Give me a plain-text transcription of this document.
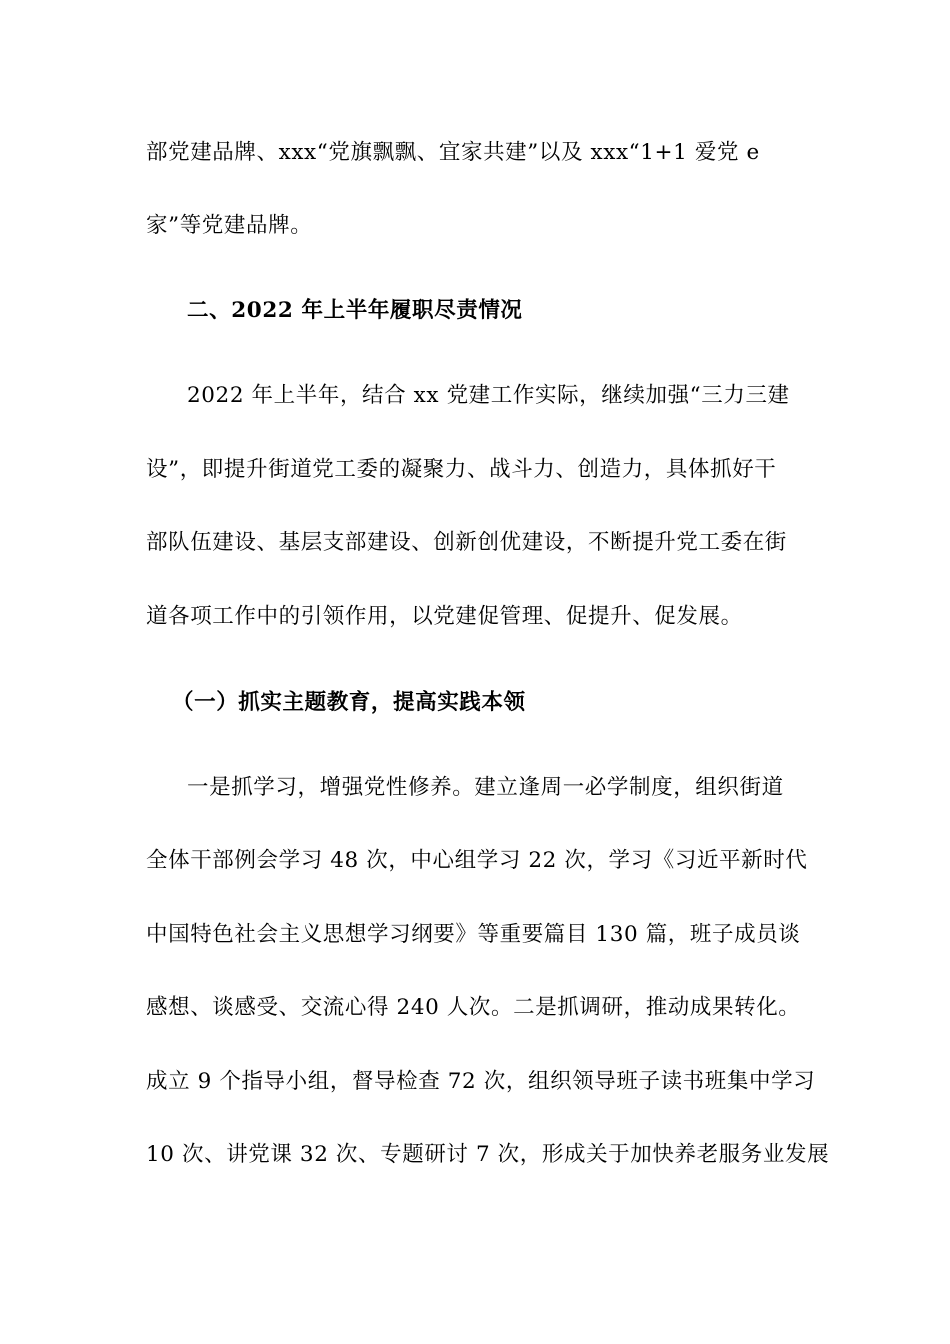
部党建品牌、xxx“党旗飘飘、宜家共建”以及 xxx“1+1 爱党 e
家”等党建品牌。
二、2022 年上半年履职尽责情况
2022 年上半年，结合 xx 党建工作实际，继续加强“三力三建
设”，即提升街道党工委的凝聚力、战斗力、创造力，具体抓好干
部队伍建设、基层支部建设、创新创优建设，不断提升党工委在街
道各项工作中的引领作用，以党建促管理、促提升、促发展。
（一）抓实主题教育，提高实践本领
一是抓学习，增强党性修养。建立逢周一必学制度，组织街道
全体干部例会学习 48 次，中心组学习 22 次，学习《习近平新时代
中国特色社会主义思想学习纲要》等重要篇目 130 篇，班子成员谈
感想、谈感受、交流心得 240 人次。二是抓调研，推动成果转化。
成立 9 个指导小组，督导检查 72 次，组织领导班子读书班集中学习
10 次、讲党课 32 次、专题研讨 7 次，形成关于加快养老服务业发展
